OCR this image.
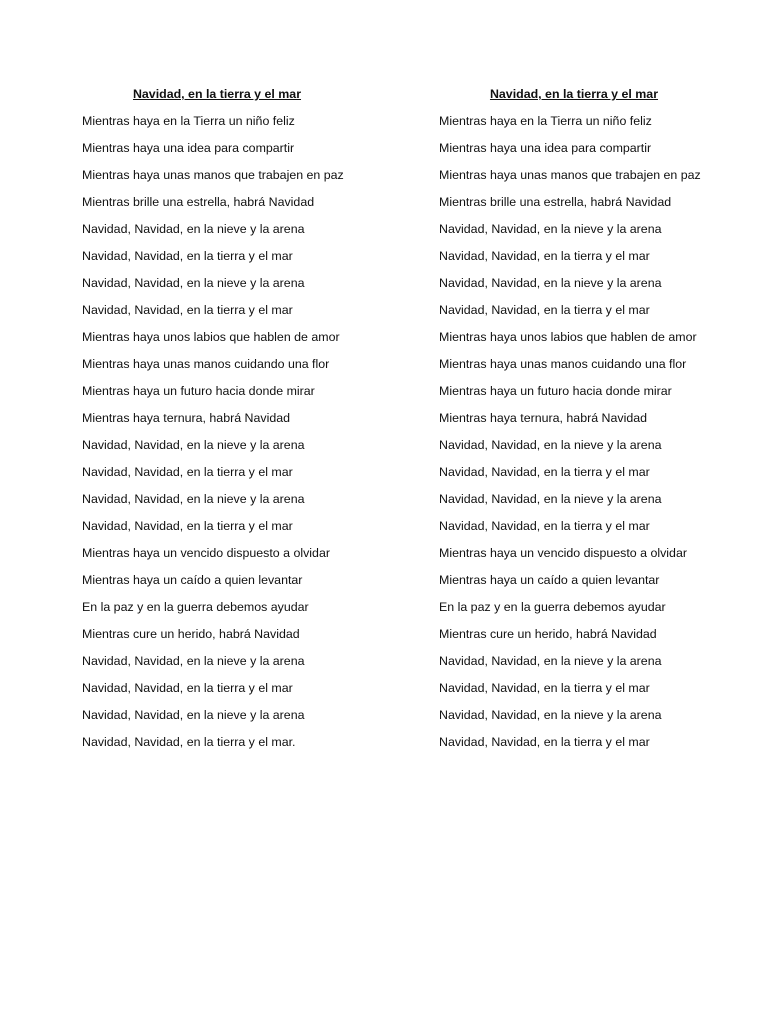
Navidad, en la tierra y el mar
Mientras haya en la Tierra un niño feliz
Mientras haya una idea para compartir
Mientras haya unas manos que trabajen en paz
Mientras brille una estrella, habrá Navidad
Navidad, Navidad, en la nieve y la arena
Navidad, Navidad, en la tierra y el mar
Navidad, Navidad, en la nieve y la arena
Navidad, Navidad, en la tierra y el mar
Mientras haya unos labios que hablen de amor
Mientras haya unas manos cuidando una flor
Mientras haya un futuro hacia donde mirar
Mientras haya ternura, habrá Navidad
Navidad, Navidad, en la nieve y la arena
Navidad, Navidad, en la tierra y el mar
Navidad, Navidad, en la nieve y la arena
Navidad, Navidad, en la tierra y el mar
Mientras haya un vencido dispuesto a olvidar
Mientras haya un caído a quien levantar
En la paz y en la guerra debemos ayudar
Mientras cure un herido, habrá Navidad
Navidad, Navidad, en la nieve y la arena
Navidad, Navidad, en la tierra y el mar
Navidad, Navidad, en la nieve y la arena
Navidad, Navidad, en la tierra y el mar.
Navidad, en la tierra y el mar
Mientras haya en la Tierra un niño feliz
Mientras haya una idea para compartir
Mientras haya unas manos que trabajen en paz
Mientras brille una estrella, habrá Navidad
Navidad, Navidad, en la nieve y la arena
Navidad, Navidad, en la tierra y el mar
Navidad, Navidad, en la nieve y la arena
Navidad, Navidad, en la tierra y el mar
Mientras haya unos labios que hablen de amor
Mientras haya unas manos cuidando una flor
Mientras haya un futuro hacia donde mirar
Mientras haya ternura, habrá Navidad
Navidad, Navidad, en la nieve y la arena
Navidad, Navidad, en la tierra y el mar
Navidad, Navidad, en la nieve y la arena
Navidad, Navidad, en la tierra y el mar
Mientras haya un vencido dispuesto a olvidar
Mientras haya un caído a quien levantar
En la paz y en la guerra debemos ayudar
Mientras cure un herido, habrá Navidad
Navidad, Navidad, en la nieve y la arena
Navidad, Navidad, en la tierra y el mar
Navidad, Navidad, en la nieve y la arena
Navidad, Navidad, en la tierra y el mar
